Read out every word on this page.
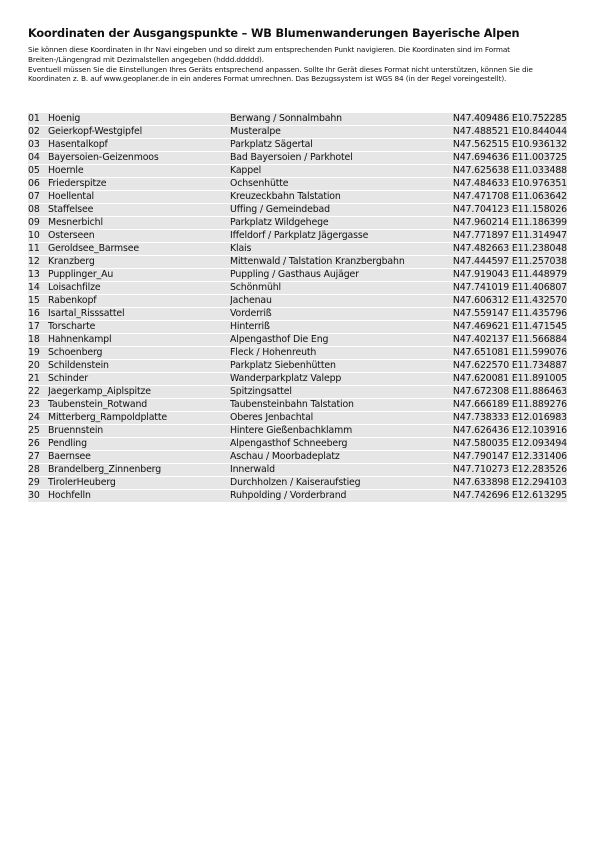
Koordinaten der Ausgangspunkte – WB Blumenwanderungen Bayerische Alpen

Sie können diese Koordinaten in Ihr Navi eingeben und so direkt zum entsprechenden Punkt navigieren. Die Koordinaten sind im Format Breiten-/Längengrad mit Dezimalstellen angegeben (hddd.ddddd).

Eventuell müssen Sie die Einstellungen Ihres Geräts entsprechend anpassen. Sollte Ihr Gerät dieses Format nicht unterstützen, können Sie die Koordinaten z. B. auf www.geoplaner.de in ein anderes Format umrechnen. Das Bezugssystem ist WGS 84 (in der Regel voreingestellt).

01	Hoenig	Berwang / Sonnalmbahn	N47.409486 E10.752285
02	Geierkopf-Westgipfel	Musteralpe	N47.488521 E10.844044
03	Hasentalkopf	Parkplatz Sägertal	N47.562515 E10.936132
04	Bayersoien-Geizenmoos	Bad Bayersoien / Parkhotel	N47.694636 E11.003725
05	Hoernle	Kappel	N47.625638 E11.033488
06	Friederspitze	Ochsenhütte	N47.484633 E10.976351
07	Hoellental	Kreuzeckbahn Talstation	N47.471708 E11.063642
08	Staffelsee	Uffing / Gemeindebad	N47.704123 E11.158026
09	Mesnerbichl	Parkplatz Wildgehege	N47.960214 E11.186399
10	Osterseen	Iffeldorf / Parkplatz Jägergasse	N47.771897 E11.314947
11	Geroldsee_Barmsee	Klais	N47.482663 E11.238048
12	Kranzberg	Mittenwald / Talstation Kranzbergbahn	N47.444597 E11.257038
13	Pupplinger_Au	Puppling / Gasthaus Aujäger	N47.919043 E11.448979
14	Loisachfilze	Schönmühl	N47.741019 E11.406807
15	Rabenkopf	Jachenau	N47.606312 E11.432570
16	Isartal_Risssattel	Vorderriß	N47.559147 E11.435796
17	Torscharte	Hinterriß	N47.469621 E11.471545
18	Hahnenkampl	Alpengasthof Die Eng	N47.402137 E11.566884
19	Schoenberg	Fleck / Hohenreuth	N47.651081 E11.599076
20	Schildenstein	Parkplatz Siebenhütten	N47.622570 E11.734887
21	Schinder	Wanderparkplatz Valepp	N47.620081 E11.891005
22	Jaegerkamp_Aiplspitze	Spitzingsattel	N47.672308 E11.886463
23	Taubenstein_Rotwand	Taubensteinbahn Talstation	N47.666189 E11.889276
24	Mitterberg_Rampoldplatte	Oberes Jenbachtal	N47.738333 E12.016983
25	Bruennstein	Hintere Gießenbachklamm	N47.626436 E12.103916
26	Pendling	Alpengasthof Schneeberg	N47.580035 E12.093494
27	Baernsee	Aschau / Moorbadeplatz	N47.790147 E12.331406
28	Brandelberg_Zinnenberg	Innerwald	N47.710273 E12.283526
29	TirolerHeuberg	Durchholzen / Kaiseraufstieg	N47.633898 E12.294103
30	Hochfelln	Ruhpolding / Vorderbrand	N47.742696 E12.613295
